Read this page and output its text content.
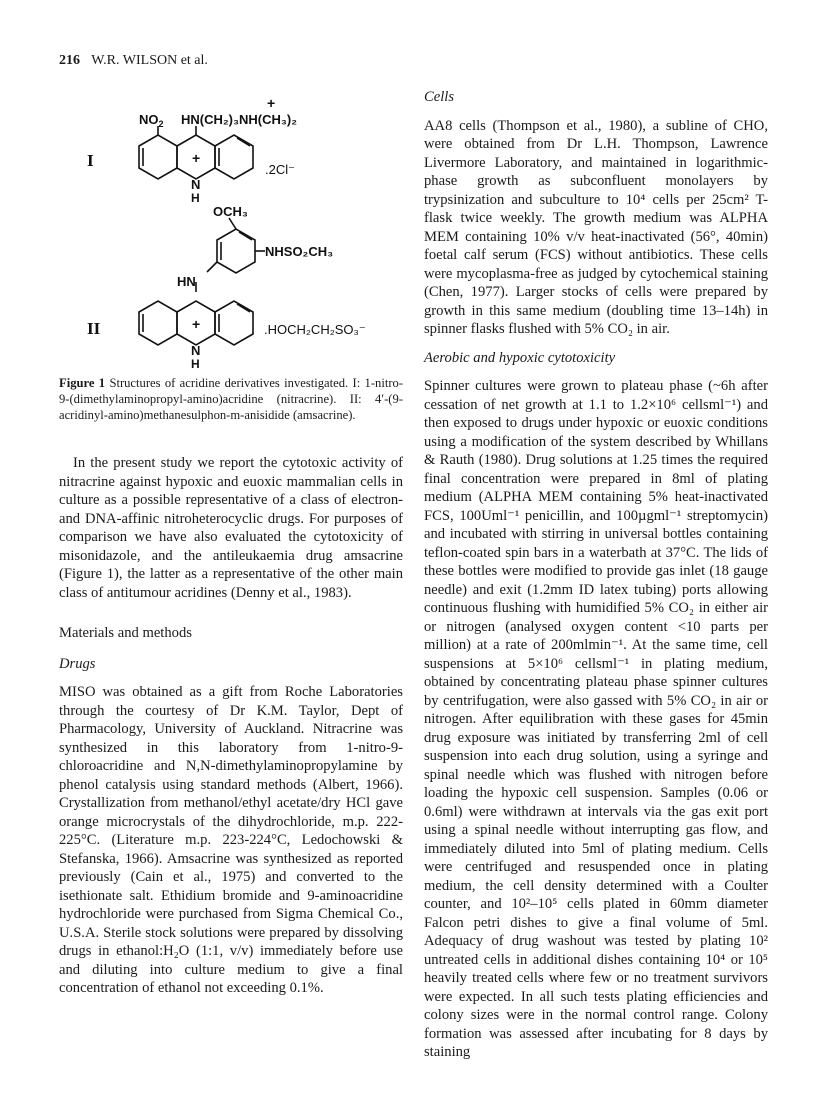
216 W.R. WILSON et al.
I
$NO_2$ HN(CH₂)₃NH(CH₃)₂
+
+
N
H
.2Cl⁻
II
OCH₃
NHSO₂CH₃
HN
+
N
H
.HOCH₂CH₂SO₃⁻
Figure 1 Structures of acridine derivatives investigated. I: 1-nitro-9-(dimethylaminopropyl-amino)acridine (nitracrine). II: 4′-(9-acridinyl-amino)methanesulphon-m-anisidide (amsacrine).

In the present study we report the cytotoxic activity of nitracrine against hypoxic and euoxic mammalian cells in culture as a possible representative of a class of electron- and DNA-affinic nitroheterocyclic drugs. For purposes of comparison we have also evaluated the cytotoxicity of misonidazole, and the antileukaemia drug amsacrine (Figure 1), the latter as a representative of the other main class of antitumour acridines (Denny et al., 1983).

Materials and methods

Drugs

MISO was obtained as a gift from Roche Laboratories through the courtesy of Dr K.M. Taylor, Dept of Pharmacology, University of Auckland. Nitracrine was synthesized in this laboratory from 1-nitro-9-chloroacridine and N,N-dimethylaminopropylamine by phenol catalysis using standard methods (Albert, 1966). Crystallization from methanol/ethyl acetate/dry HCl gave orange microcrystals of the dihydrochloride, m.p. 222-225°C. (Literature m.p. 223-224°C, Ledochowski & Stefanska, 1966). Amsacrine was synthesized as reported previously (Cain et al., 1975) and converted to the isethionate salt. Ethidium bromide and 9-aminoacridine hydrochloride were purchased from Sigma Chemical Co., U.S.A. Sterile stock solutions were prepared by dissolving drugs in ethanol:H₂O (1:1, v/v) immediately before use and diluting into culture medium to give a final concentration of ethanol not exceeding 0.1%.

Cells

AA8 cells (Thompson et al., 1980), a subline of CHO, were obtained from Dr L.H. Thompson, Lawrence Livermore Laboratory, and maintained in logarithmic-phase growth as subconfluent monolayers by trypsinization and subculture to 10⁴ cells per 25cm² T-flask twice weekly. The growth medium was ALPHA MEM containing 10% v/v heat-inactivated (56°, 40min) foetal calf serum (FCS) without antibiotics. These cells were mycoplasma-free as judged by cytochemical staining (Chen, 1977). Larger stocks of cells were prepared by growth in this same medium (doubling time 13–14h) in spinner flasks flushed with 5% CO₂ in air.

Aerobic and hypoxic cytotoxicity

Spinner cultures were grown to plateau phase (~6h after cessation of net growth at 1.1 to 1.2×10⁶ cellsml⁻¹) and then exposed to drugs under hypoxic or euoxic conditions using a modification of the system described by Whillans & Rauth (1980). Drug solutions at 1.25 times the required final concentration were prepared in 8ml of plating medium (ALPHA MEM containing 5% heat-inactivated FCS, 100Uml⁻¹ penicillin, and 100µgml⁻¹ streptomycin) and incubated with stirring in universal bottles containing teflon-coated spin bars in a waterbath at 37°C. The lids of these bottles were modified to provide gas inlet (18 gauge needle) and exit (1.2mm ID latex tubing) ports allowing continuous flushing with humidified 5% CO₂ in either air or nitrogen (analysed oxygen content <10 parts per million) at a rate of 200mlmin⁻¹. At the same time, cell suspensions at 5×10⁶ cellsml⁻¹ in plating medium, obtained by concentrating plateau phase spinner cultures by centrifugation, were also gassed with 5% CO₂ in air or nitrogen. After equilibration with these gases for 45min drug exposure was initiated by transferring 2ml of cell suspension into each drug solution, using a syringe and spinal needle which was flushed with nitrogen before loading the hypoxic cell suspension. Samples (0.06 or 0.6ml) were withdrawn at intervals via the gas exit port using a spinal needle without interrupting gas flow, and immediately diluted into 5ml of plating medium. Cells were centrifuged and resuspended once in plating medium, the cell density determined with a Coulter counter, and 10²–10⁵ cells plated in 60mm diameter Falcon petri dishes to give a final volume of 5ml. Adequacy of drug washout was tested by plating 10² untreated cells in additional dishes containing 10⁴ or 10⁵ heavily treated cells where few or no treatment survivors were expected. In all such tests plating efficiencies and colony sizes were in the normal control range. Colony formation was assessed after incubating for 8 days by staining
